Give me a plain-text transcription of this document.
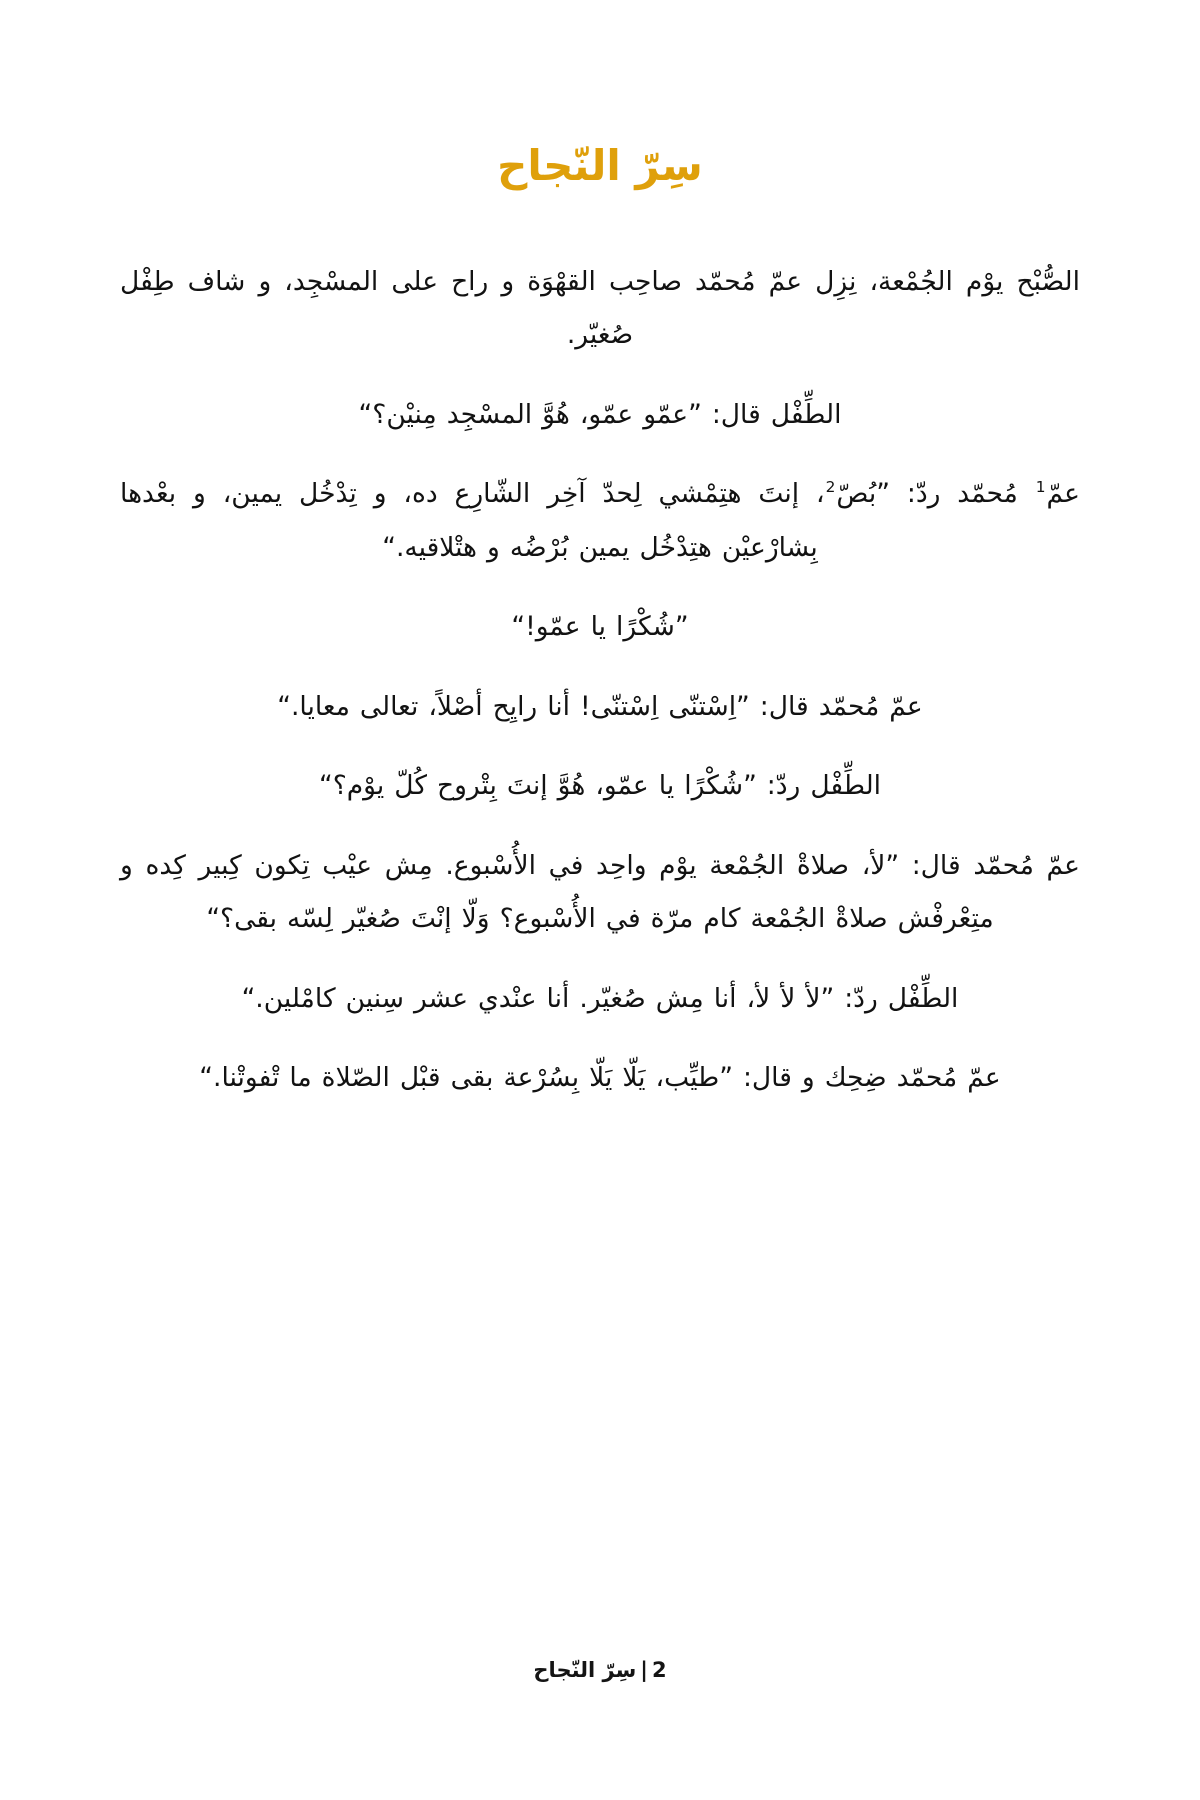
سر النجاح

الصبح يوم الجمعة، نزل عم محمد صاحب القهوة و راح على المسجد، و شاف طفل صغير.

الطفل قال: ”عمو عمو، هو المسجد منين؟“

عم$^1$ محمد رد: ”بص$^2$، إنت هتمشي لحد آخر الشارع ده، و تدخل يمين، و بعدها بشارعين هتدخل يمين برضه و هتلاقيه.“

”شكرا يا عمو!“

عم محمد قال: ”استنى استنى! أنا رايح أصلا، تعالى معايا.“

الطفل رد: ”شكرا يا عمو، هو إنت بتروح كل يوم؟“

عم محمد قال: ”لأ، صلاة الجمعة يوم واحد في الأسبوع. مش عيب تكون كبير كده و متعرفش صلاة الجمعة كام مرة في الأسبوع؟ ولا إنت صغير لسه بقى؟“

الطفل رد: ”لأ لأ لأ، أنا مش صغير. أنا عندي عشر سنين كاملين.“

عم محمد ضحك و قال: ”طيب، يلا يلا بسرعة بقى قبل الصلاة ما تفوتنا.“

2|سر النجاح
